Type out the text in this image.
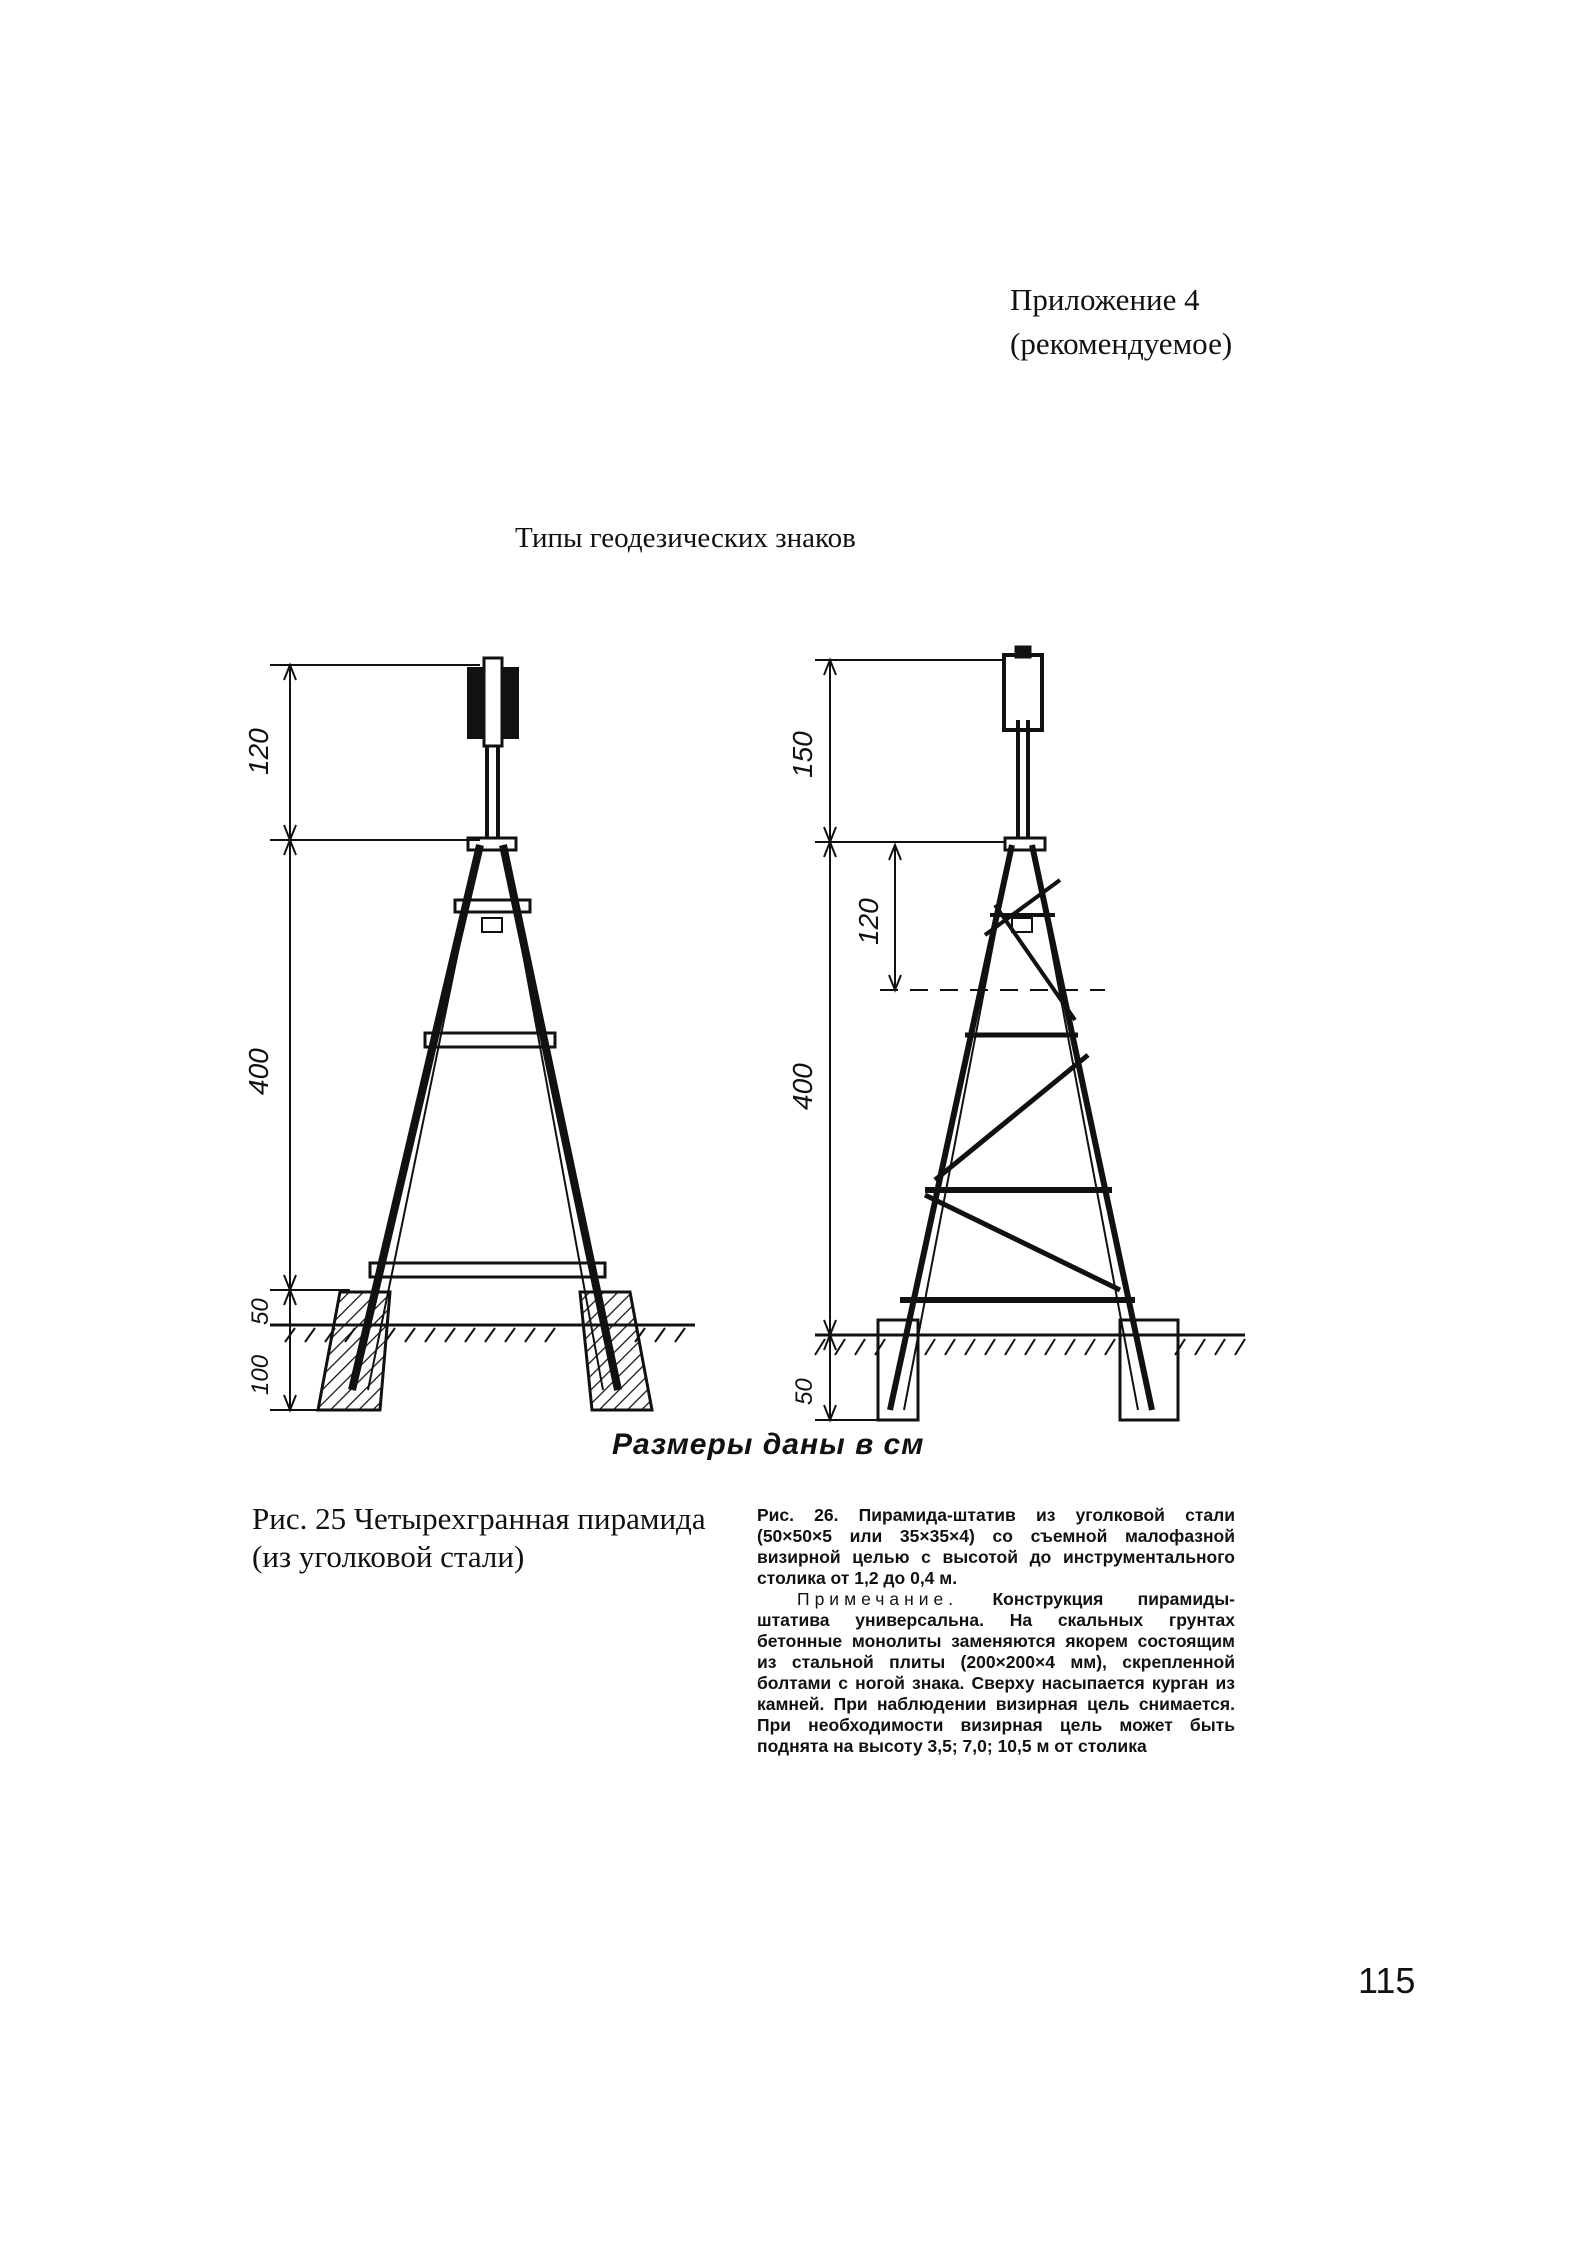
Приложение 4
(рекомендуемое)
Типы геодезических знаков
120
400
50
100
150
120
400
50
Размеры даны в см
Рис. 25 Четырехгранная пирамида (из уголковой стали)

Рис. 26. Пирамида-штатив из уголковой стали (50×50×5 или 35×35×4) со съемной малофазной визирной целью с высотой до инструментального столика от 1,2 до 0,4 м.

Примечание. Конструкция пирамиды-штатива универсальна. На скальных грунтах бетонные монолиты заменяются якорем состоящим из стальной плиты (200×200×4 мм), скрепленной болтами с ногой знака. Сверху насыпается курган из камней. При наблюдении визирная цель снимается. При необходимости визирная цель может быть поднята на высоту 3,5; 7,0; 10,5 м от столика

115
